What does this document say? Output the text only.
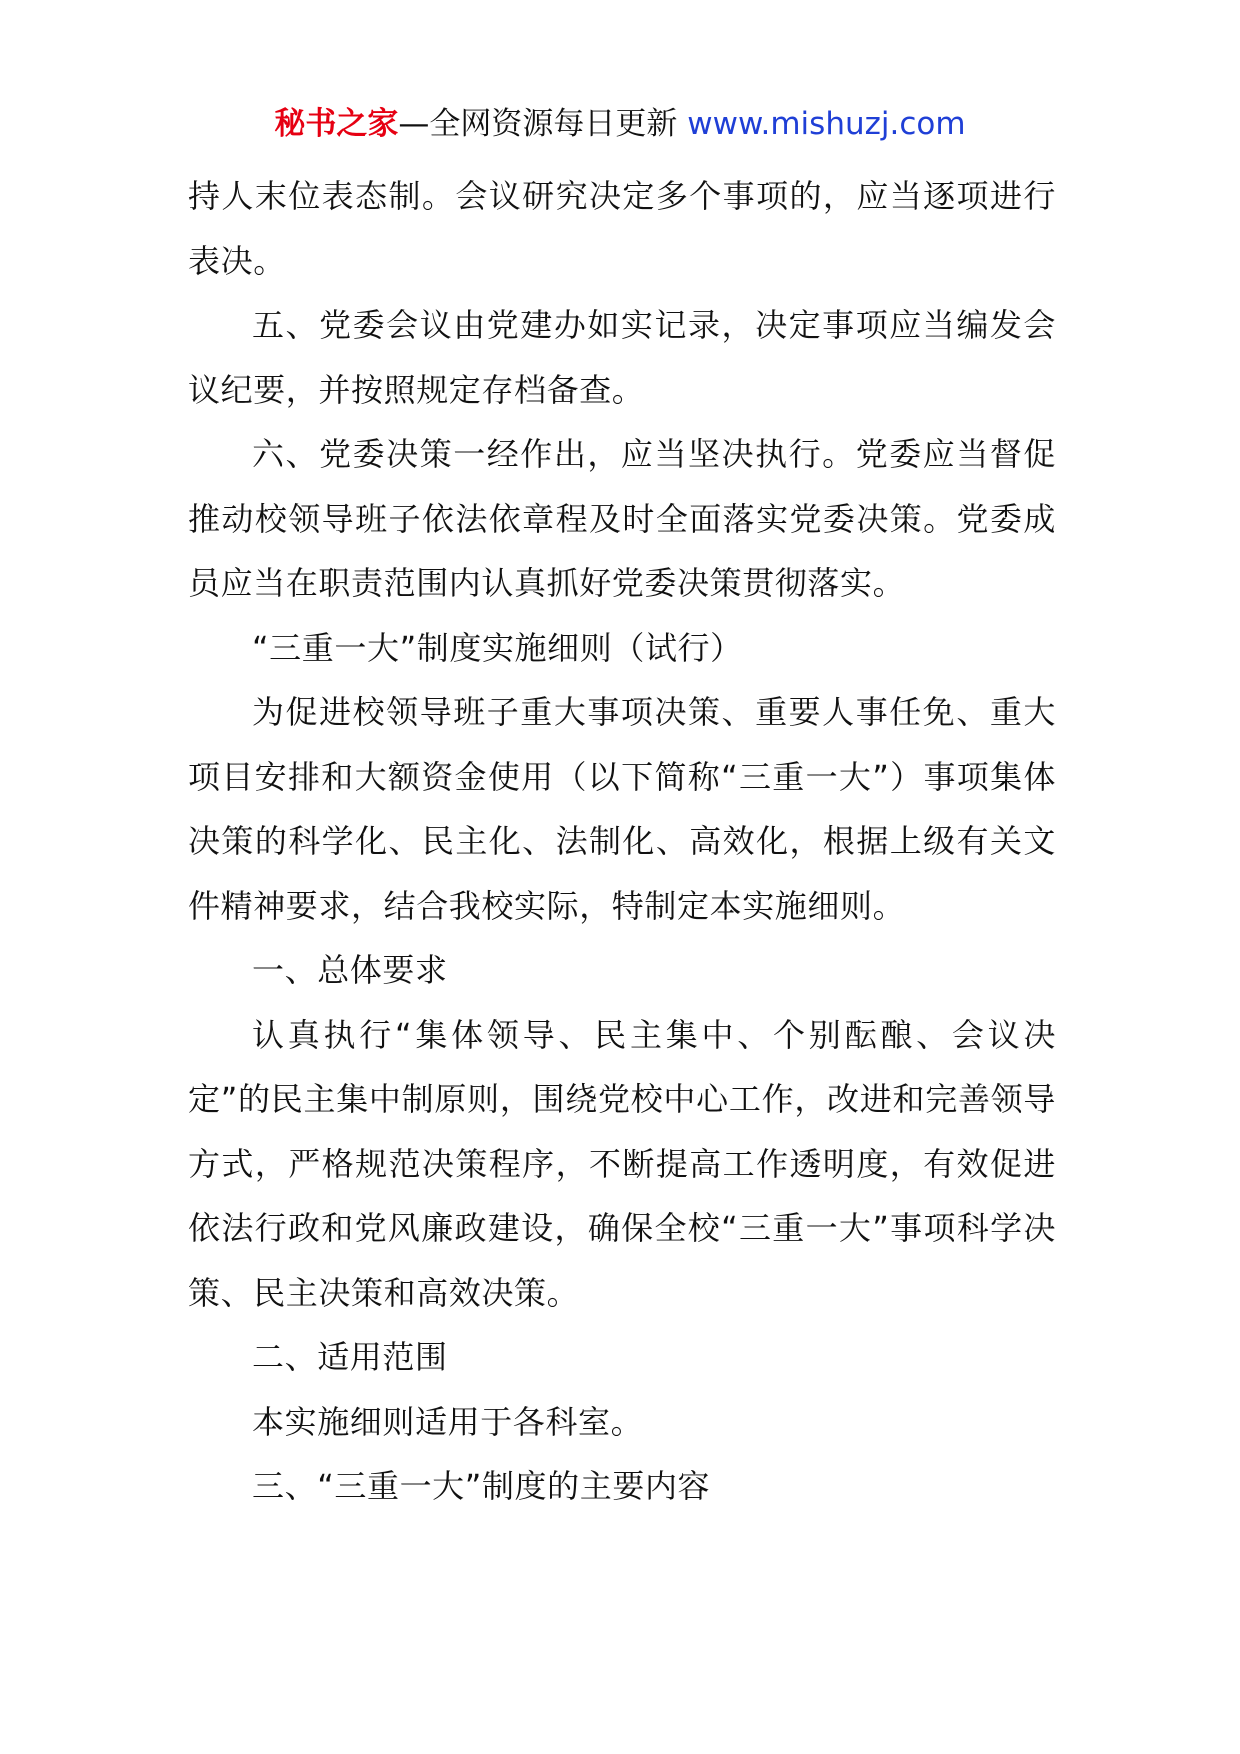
秘书之家—全网资源每日更新 www.mishuzj.com

持人末位表态制。会议研究决定多个事项的，应当逐项进行表决。

五、党委会议由党建办如实记录，决定事项应当编发会议纪要，并按照规定存档备查。

六、党委决策一经作出，应当坚决执行。党委应当督促推动校领导班子依法依章程及时全面落实党委决策。党委成员应当在职责范围内认真抓好党委决策贯彻落实。

“三重一大”制度实施细则（试行）

为促进校领导班子重大事项决策、重要人事任免、重大项目安排和大额资金使用（以下简称“三重一大”）事项集体决策的科学化、民主化、法制化、高效化，根据上级有关文件精神要求，结合我校实际，特制定本实施细则。

一、总体要求

认真执行“集体领导、民主集中、个别酝酿、会议决定”的民主集中制原则，围绕党校中心工作，改进和完善领导方式，严格规范决策程序，不断提高工作透明度，有效促进依法行政和党风廉政建设，确保全校“三重一大”事项科学决策、民主决策和高效决策。

二、适用范围

本实施细则适用于各科室。

三、“三重一大”制度的主要内容
